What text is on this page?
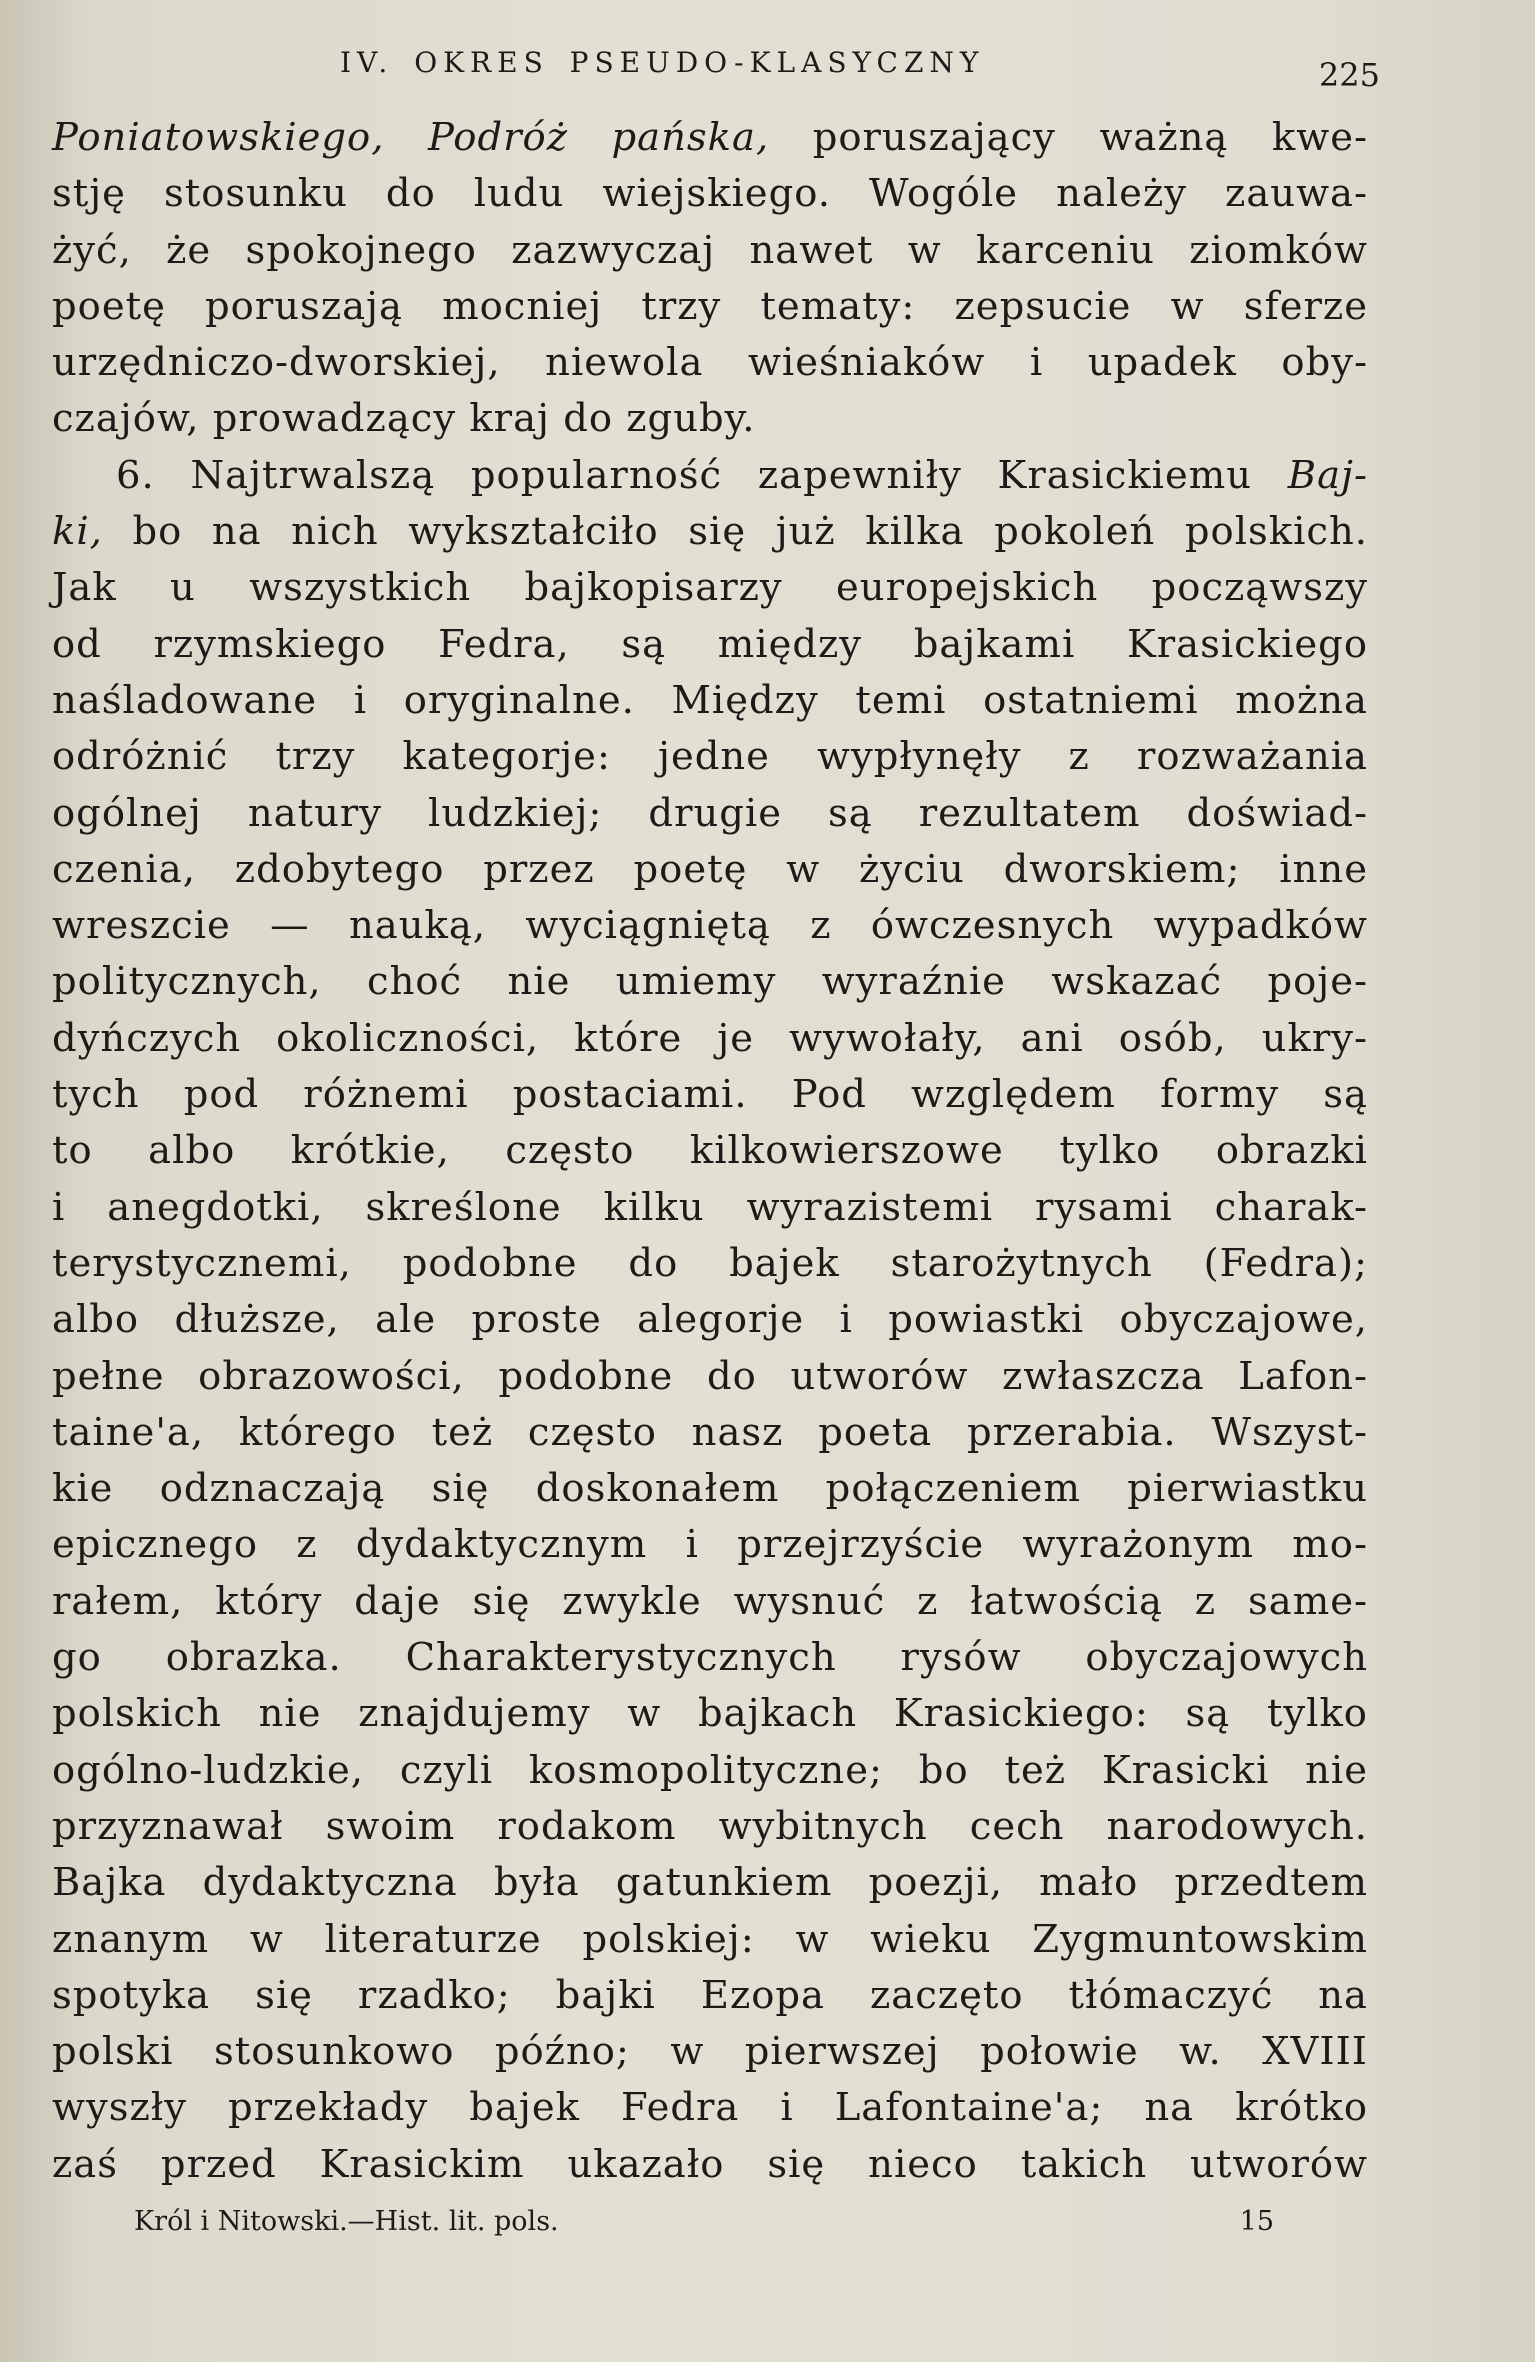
IV. OKRES PSEUDO-KLASYCZNY	225
Poniatowskiego, Podróż pańska, poruszający ważną kwe-
stję stosunku do ludu wiejskiego. Wogóle należy zauwa-
żyć, że spokojnego zazwyczaj nawet w karceniu ziomków
poetę poruszają mocniej trzy tematy: zepsucie w sferze
urzędniczo-dworskiej, niewola wieśniaków i upadek oby-
czajów, prowadzący kraj do zguby.
6. Najtrwalszą popularność zapewniły Krasickiemu Baj-
ki, bo na nich wykształciło się już kilka pokoleń polskich.
Jak u wszystkich bajkopisarzy europejskich począwszy
od rzymskiego Fedra, są między bajkami Krasickiego
naśladowane i oryginalne. Między temi ostatniemi można
odróżnić trzy kategorje: jedne wypłynęły z rozważania
ogólnej natury ludzkiej; drugie są rezultatem doświad-
czenia, zdobytego przez poetę w życiu dworskiem; inne
wreszcie — nauką, wyciągniętą z ówczesnych wypadków
politycznych, choć nie umiemy wyraźnie wskazać poje-
dyńczych okoliczności, które je wywołały, ani osób, ukry-
tych pod różnemi postaciami. Pod względem formy są
to albo krótkie, często kilkowierszowe tylko obrazki
i anegdotki, skreślone kilku wyrazistemi rysami charak-
terystycznemi, podobne do bajek starożytnych (Fedra);
albo dłuższe, ale proste alegorje i powiastki obyczajowe,
pełne obrazowości, podobne do utworów zwłaszcza Lafon-
taine'a, którego też często nasz poeta przerabia. Wszyst-
kie odznaczają się doskonałem połączeniem pierwiastku
epicznego z dydaktycznym i przejrzyście wyrażonym mo-
rałem, który daje się zwykle wysnuć z łatwością z same-
go obrazka. Charakterystycznych rysów obyczajowych
polskich nie znajdujemy w bajkach Krasickiego: są tylko
ogólno-ludzkie, czyli kosmopolityczne; bo też Krasicki nie
przyznawał swoim rodakom wybitnych cech narodowych.
Bajka dydaktyczna była gatunkiem poezji, mało przedtem
znanym w literaturze polskiej: w wieku Zygmuntowskim
spotyka się rzadko; bajki Ezopa zaczęto tłómaczyć na
polski stosunkowo późno; w pierwszej połowie w. XVIII
wyszły przekłady bajek Fedra i Lafontaine'a; na krótko
zaś przed Krasickim ukazało się nieco takich utworów
Król i Nitowski.—Hist. lit. pols.	15
